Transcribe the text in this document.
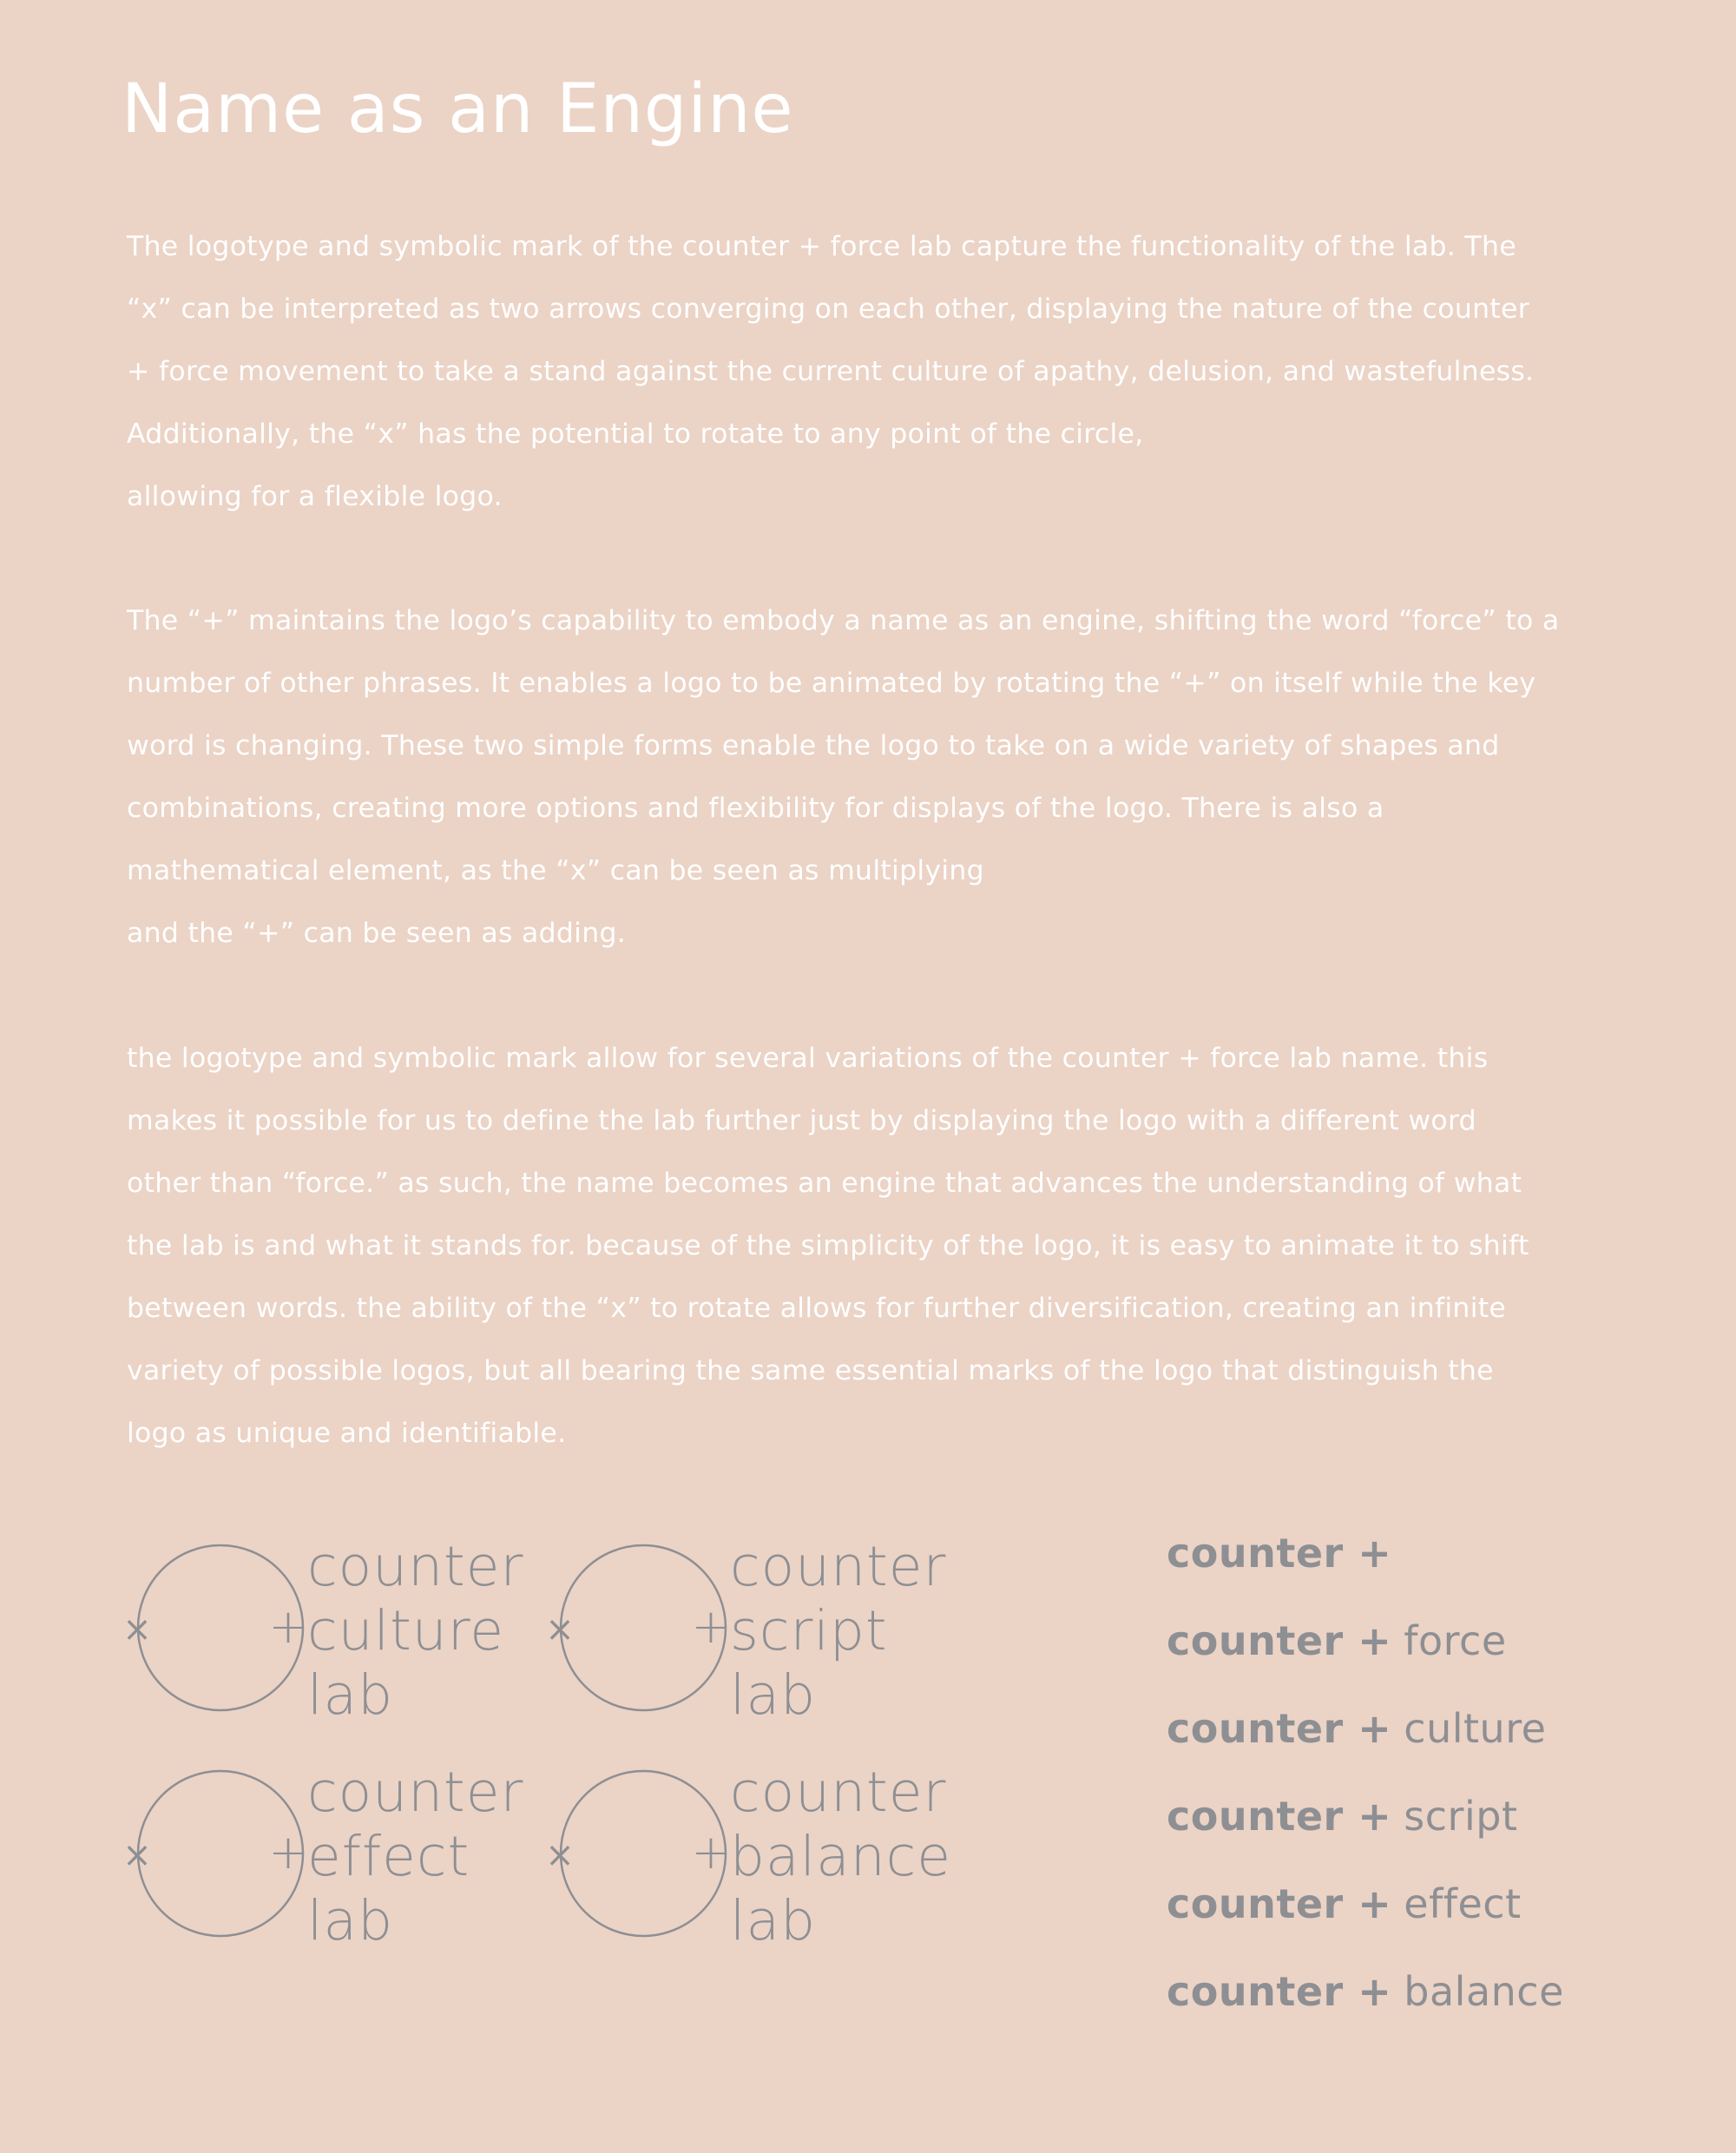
Name as an Engine

The logotype and symbolic mark of the counter + force lab capture the functionality of the lab. The
“x” can be interpreted as two arrows converging on each other, displaying the nature of the counter
+ force movement to take a stand against the current culture of apathy, delusion, and wastefulness.
Additionally, the “x” has the potential to rotate to any point of the circle,
allowing for a flexible logo.

The “+” maintains the logo’s capability to embody a name as an engine, shifting the word “force” to a
number of other phrases. It enables a logo to be animated by rotating the “+” on itself while the key
word is changing. These two simple forms enable the logo to take on a wide variety of shapes and
combinations, creating more options and flexibility for displays of the logo. There is also a
mathematical element, as the “x” can be seen as multiplying
and the “+” can be seen as adding.

the logotype and symbolic mark allow for several variations of the counter + force lab name. this
makes it possible for us to define the lab further just by displaying the logo with a different word
other than “force.” as such, the name becomes an engine that advances the understanding of what
the lab is and what it stands for. because of the simplicity of the logo, it is easy to animate it to shift
between words. the ability of the “x” to rotate allows for further diversification, creating an infinite
variety of possible logos, but all bearing the same essential marks of the logo that distinguish the
logo as unique and identifiable.

× +
counter
culture
lab
× +
counter
script
lab
× +
counter
effect
lab
× +
counter
balance
lab
counter +
counter + force
counter + culture
counter + script
counter + effect
counter + balance
